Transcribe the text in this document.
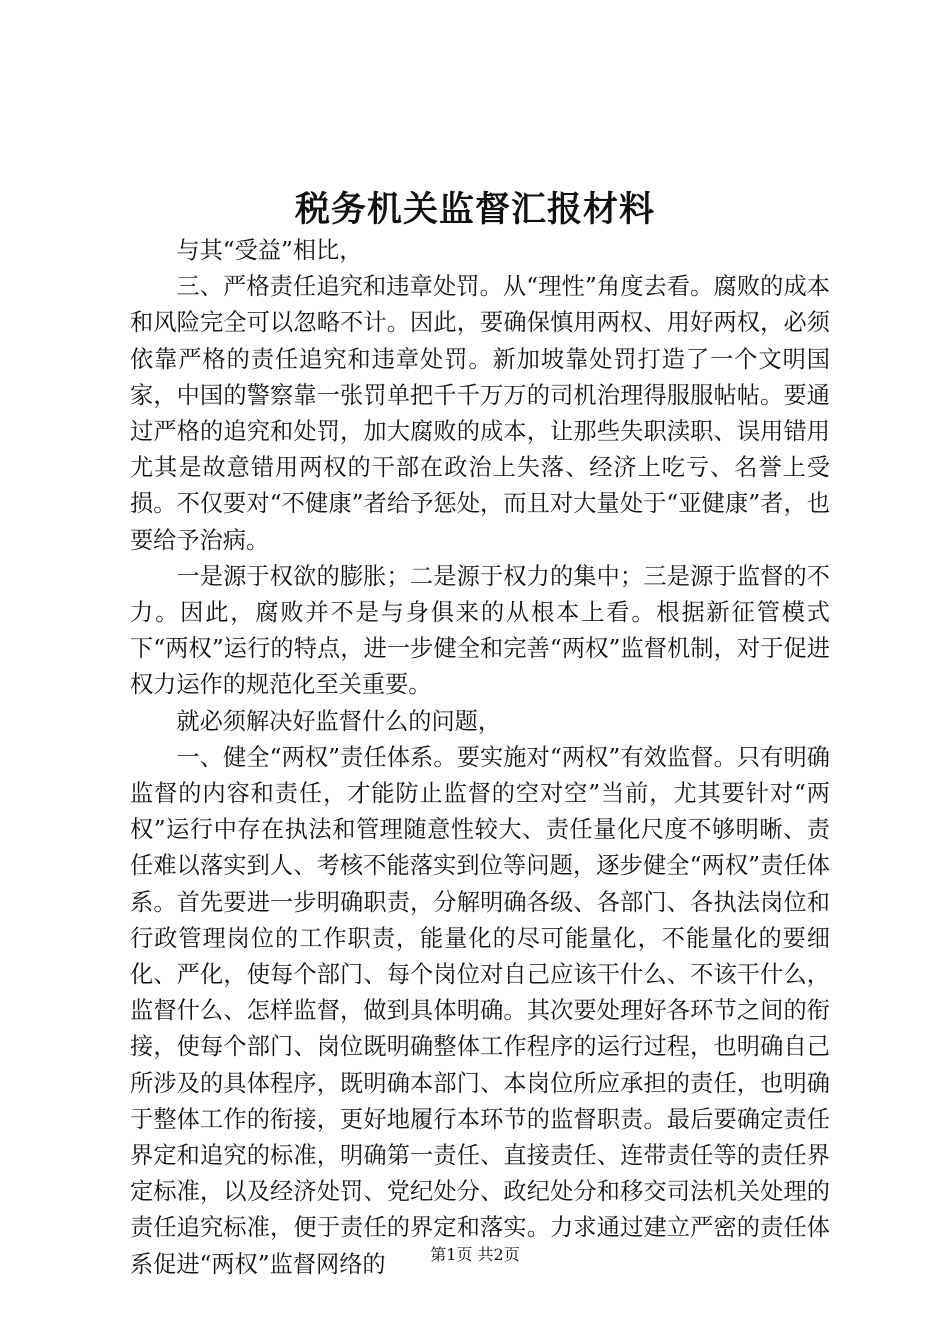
税务机关监督汇报材料

与其“受益”相比，

三、严格责任追究和违章处罚。从“理性”角度去看。腐败的成本和风险完全可以忽略不计。因此，要确保慎用两权、用好两权，必须依靠严格的责任追究和违章处罚。新加坡靠处罚打造了一个文明国家，中国的警察靠一张罚单把千千万万的司机治理得服服帖帖。要通过严格的追究和处罚，加大腐败的成本，让那些失职渎职、误用错用尤其是故意错用两权的干部在政治上失落、经济上吃亏、名誉上受损。不仅要对“不健康”者给予惩处，而且对大量处于“亚健康”者，也要给予治病。

一是源于权欲的膨胀；二是源于权力的集中；三是源于监督的不力。因此，腐败并不是与身俱来的从根本上看。根据新征管模式下“两权”运行的特点，进一步健全和完善“两权”监督机制，对于促进权力运作的规范化至关重要。

就必须解决好监督什么的问题，

一、健全“两权”责任体系。要实施对“两权”有效监督。只有明确监督的内容和责任，才能防止监督的空对空”当前，尤其要针对“两权”运行中存在执法和管理随意性较大、责任量化尺度不够明晰、责任难以落实到人、考核不能落实到位等问题，逐步健全“两权”责任体系。首先要进一步明确职责，分解明确各级、各部门、各执法岗位和行政管理岗位的工作职责，能量化的尽可能量化，不能量化的要细化、严化，使每个部门、每个岗位对自己应该干什么、不该干什么，监督什么、怎样监督，做到具体明确。其次要处理好各环节之间的衔接，使每个部门、岗位既明确整体工作程序的运行过程，也明确自己所涉及的具体程序，既明确本部门、本岗位所应承担的责任，也明确于整体工作的衔接，更好地履行本环节的监督职责。最后要确定责任界定和追究的标准，明确第一责任、直接责任、连带责任等的责任界定标准，以及经济处罚、党纪处分、政纪处分和移交司法机关处理的责任追究标准，便于责任的界定和落实。力求通过建立严密的责任体系促进“两权”监督网络的	第1页 共2页
